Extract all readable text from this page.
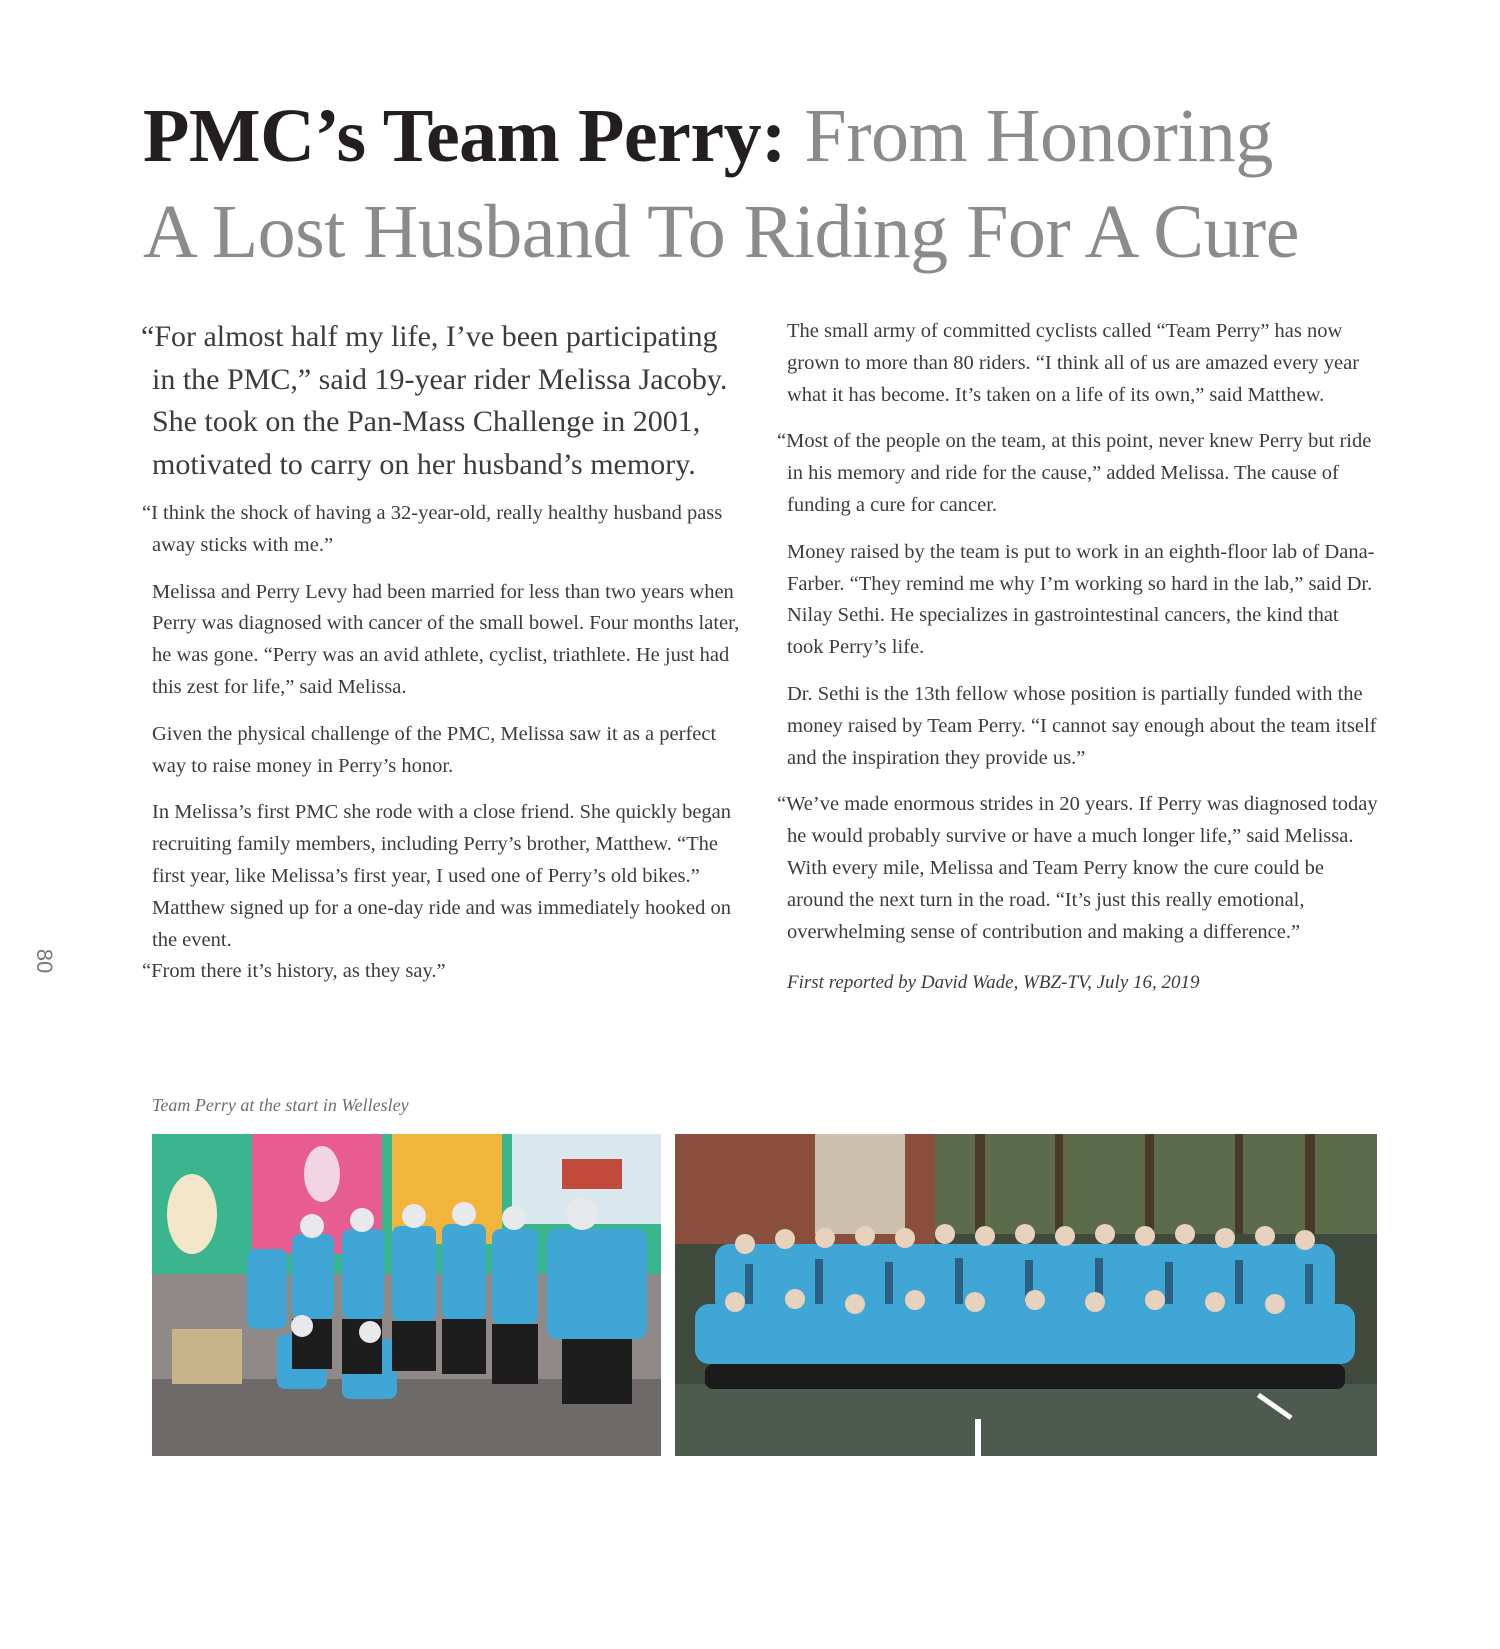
PMC’s Team Perry: From Honoring
A Lost Husband To Riding For A Cure
80

“For almost half my life, I’ve been participating in the PMC,” said 19-year rider Melissa Jacoby. She took on the Pan-Mass Challenge in 2001, motivated to carry on her husband’s memory.

“I think the shock of having a 32-year-old, really healthy husband pass away sticks with me.”

Melissa and Perry Levy had been married for less than two years when Perry was diagnosed with cancer of the small bowel. Four months later, he was gone. “Perry was an avid athlete, cyclist, triathlete. He just had this zest for life,” said Melissa.

Given the physical challenge of the PMC, Melissa saw it as a perfect way to raise money in Perry’s honor.

In Melissa’s first PMC she rode with a close friend. She quickly began recruiting family members, including Perry’s brother, Matthew. “The first year, like Melissa’s first year, I used one of Perry’s old bikes.” Matthew signed up for a one-day ride and was immediately hooked on the event.

“From there it’s history, as they say.”

The small army of committed cyclists called “Team Perry” has now grown to more than 80 riders. “I think all of us are amazed every year what it has become. It’s taken on a life of its own,” said Matthew.

“Most of the people on the team, at this point, never knew Perry but ride in his memory and ride for the cause,” added Melissa. The cause of funding a cure for cancer.

Money raised by the team is put to work in an eighth-floor lab of Dana-Farber. “They remind me why I’m working so hard in the lab,” said Dr. Nilay Sethi. He specializes in gastrointestinal cancers, the kind that took Perry’s life.

Dr. Sethi is the 13th fellow whose position is partially funded with the money raised by Team Perry. “I cannot say enough about the team itself and the inspiration they provide us.”

“We’ve made enormous strides in 20 years. If Perry was diagnosed today he would probably survive or have a much longer life,” said Melissa. With every mile, Melissa and Team Perry know the cure could be around the next turn in the road. “It’s just this really emotional, overwhelming sense of contribution and making a difference.”

First reported by David Wade, WBZ-TV, July 16, 2019

Team Perry at the start in Wellesley
